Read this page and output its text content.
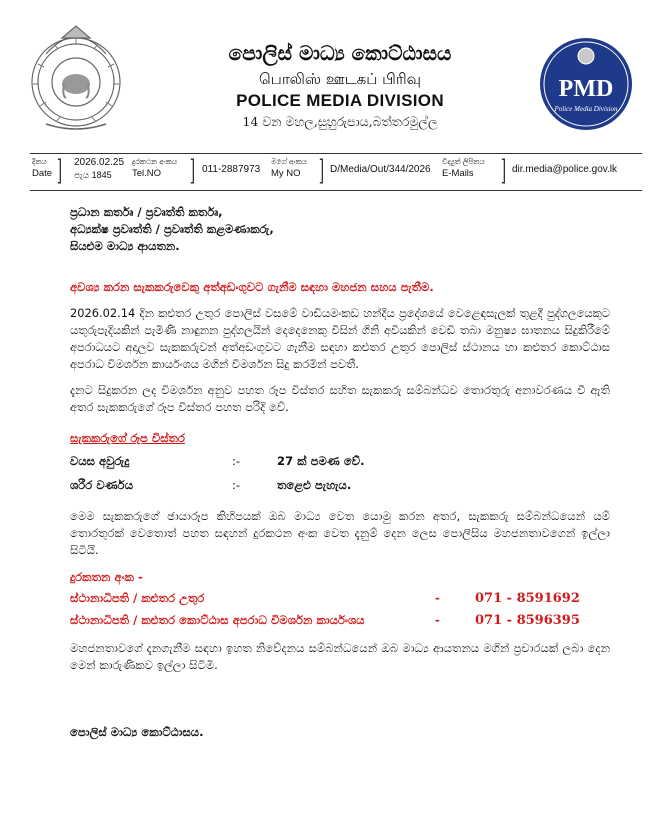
පොලිස් මාධ්‍ය කොට්ඨාසය
பொலிஸ் ஊடகப் பிரிவு
POLICE MEDIA DIVISION
14 වන මහල,සුහුරුපාය,බත්තරමුල්ල
PMD
Police Media Division
දිනය
Date ] 2026.02.25
පැය 1845
දුරකථන අංකය
Tel.NO	] 011-2887973
මගේ අංකය
My NO ] D/Media/Out/344/2026
විද්‍යුත් ලිපිනය
E-Mails ] dir.media@police.gov.lk
ප්‍රධාන කර්තෘ / ප්‍රවෘත්ති කර්තෘ,
අධ්‍යක්ෂ ප්‍රවෘත්ති / ප්‍රවෘත්ති කළමණාකරු,
සියළුම මාධ්‍ය ආයතන.
අවශ්‍ය කරන සැකකරුවෙකු අත්අඩංගුවට ගැනීම සඳහා මහජන සහය පැතීම.
2026.02.14 දින කළුතර උතුර පොලිස් වසමේ වාඩියමංකඩ හන්දිය ප්‍රදේශයේ වෙළෙඳසැලක් තුළදී පුද්ගලයෙකුට යතුරුපැදියකින් පැමිණි නාඳුනන පුද්ගලයින් දෙදෙනෙකු විසින් ගිනි අවියකින් වෙඩි තබා මනුෂ්‍ය ඝාතනය සිදුකිරීමේ අපරාධයට අදාලව සැකකරුවන් අත්අඩංගුවට ගැනීම සඳහා කළුතර උතුර පොලිස් ස්ථානය හා කළුතර කොට්ඨාස අපරාධ විමර්ශන කාර්යංශය මගින් විමර්ශන සිදු කරමින් පවතී.
දැනට සිදුකරන ලද විමර්ශන අනුව පහත රූප විස්තර සහිත සැකකරු සම්බන්ධව තොරතුරු අනාවරණය වී ඇති අතර සැකකරුගේ රූප විස්තර පහත පරිදි වේ.
සැකකරුගේ රූප විස්තර
වයස අවුරුදු	:-	27 ක් පමණ වේ.
ශරීර වර්ණය	:-	තළෙළු පැහැය.
මෙම සැකකරුගේ ඡායාරූප කිහිපයක් ඔබ මාධ්‍ය වෙත යොමු කරන අතර, සැකකරු සම්බන්ධයෙන් යම් තොරතුරක් වෙතොත් පහත සඳහන් දුරකථන අංක වෙත දැනුම් දෙන ලෙස පොලිසිය මහජනතාවගෙන් ඉල්ලා සිටියි.
දුරකතන අංක -
ස්ථානාධිපති / කළුතර උතුර	-	071 - 8591692
ස්ථානාධිපති / කළුතර කොට්ඨාස අපරාධ විමර්ශන කාර්යංශය	-	071 - 8596395
මහජනතාවගේ දැනගැනීම සඳහා ඉහත නිවේදනය සම්බන්ධයෙන් ඔබ මාධ්‍ය ආයතනය මගින් ප්‍රචාරයක් ලබා දෙන මෙන් කාරුණිකව ඉල්ලා සිටිමි.
පොලිස් මාධ්‍ය කොට්ඨාසය.
